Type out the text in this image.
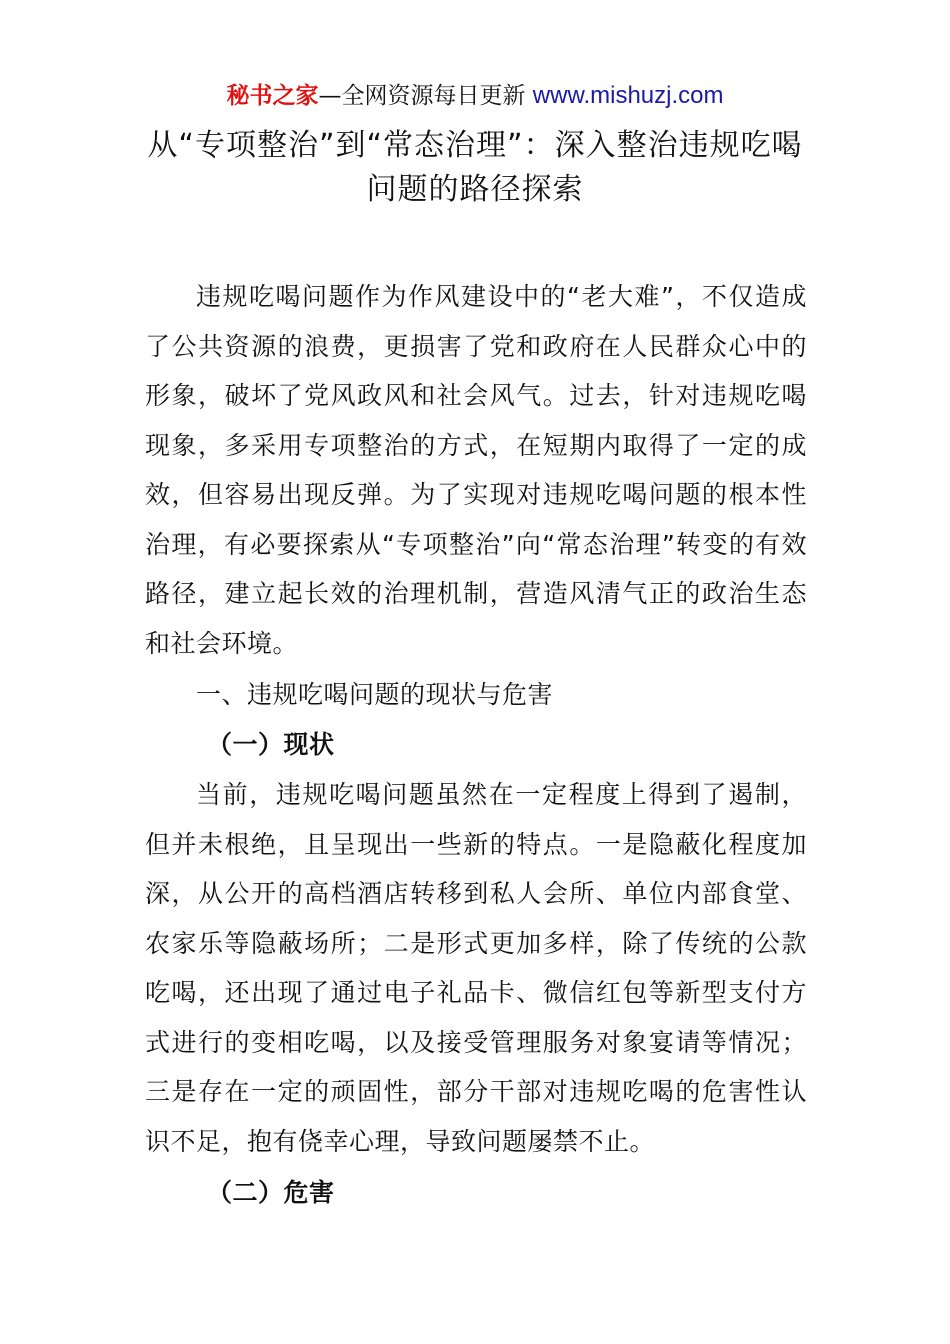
秘书之家—全网资源每日更新 www.mishuzj.com
从“专项整治”到“常态治理”：深入整治违规吃喝问题的路径探索

违规吃喝问题作为作风建设中的“老大难”，不仅造成了公共资源的浪费，更损害了党和政府在人民群众心中的形象，破坏了党风政风和社会风气。过去，针对违规吃喝现象，多采用专项整治的方式，在短期内取得了一定的成效，但容易出现反弹。为了实现对违规吃喝问题的根本性治理，有必要探索从“专项整治”向“常态治理”转变的有效路径，建立起长效的治理机制，营造风清气正的政治生态和社会环境。

一、违规吃喝问题的现状与危害

（一）现状

当前，违规吃喝问题虽然在一定程度上得到了遏制，但并未根绝，且呈现出一些新的特点。一是隐蔽化程度加深，从公开的高档酒店转移到私人会所、单位内部食堂、农家乐等隐蔽场所；二是形式更加多样，除了传统的公款吃喝，还出现了通过电子礼品卡、微信红包等新型支付方式进行的变相吃喝，以及接受管理服务对象宴请等情况；三是存在一定的顽固性，部分干部对违规吃喝的危害性认识不足，抱有侥幸心理，导致问题屡禁不止。

（二）危害
